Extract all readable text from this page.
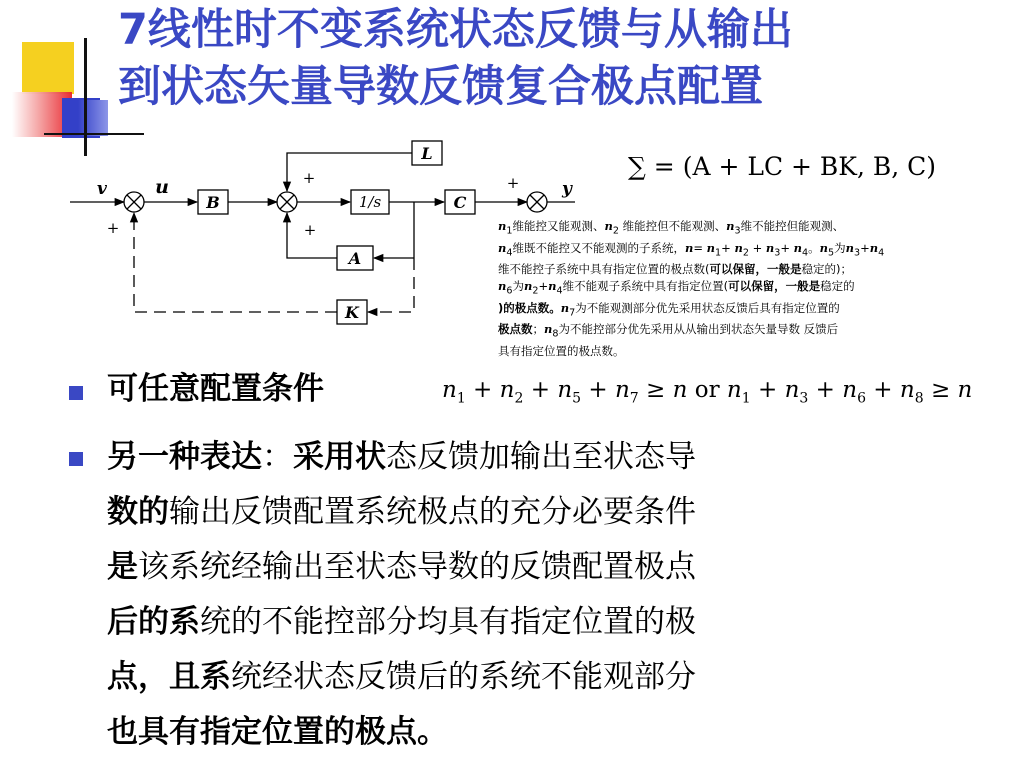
7线性时不变系统状态反馈与从输出
到状态矢量导数反馈复合极点配置
v	u
B	C
L
A
K
1/s
+
+
+
+	y
∑ = (A + LC + BK, B, C)
$n_1$维能控又能观测、$n_2$ 维能控但不能观测、$n_3$维不能控但能观测、
$n_4$维既不能控又不能观测的子系统，$n= n_1+ n_2 + n_3+ n_4$。$n_5$为$n_3+n_4$
维不能控子系统中具有指定位置的极点数(可以保留，一般是稳定的)；
$n_6$为$n_2+n_4$维不能观子系统中具有指定位置(可以保留，一般是稳定的
)的极点数。$n_7$为不能观测部分优先采用状态反馈后具有指定位置的
极点数；$n_8$为不能控部分优先采用从从输出到状态矢量导数 反馈后
具有指定位置的极点数。
可任意配置条件	$n_1 + n_2 + n_5 + n_7 \ge n$ or $n_1 + n_3 + n_6 + n_8 \ge n$

另一种表达：采用状态反馈加输出至状态导
数的输出反馈配置系统极点的充分必要条件
是该系统经输出至状态导数的反馈配置极点
后的系统的不能控部分均具有指定位置的极
点，且系统经状态反馈后的系统不能观部分
也具有指定位置的极点。
